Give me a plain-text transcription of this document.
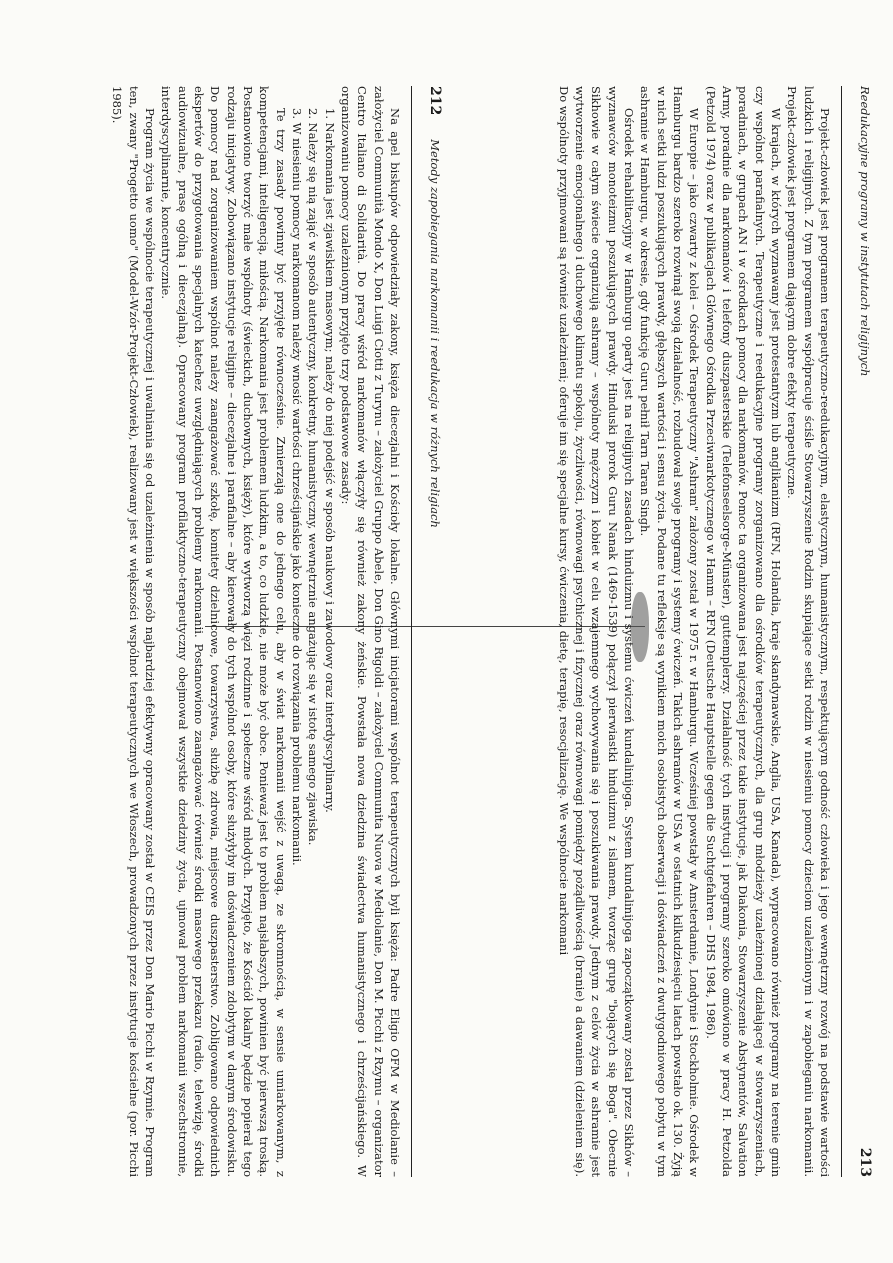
212
Metody zapobiegania narkomanii i reedukacja w różnych religiach

Na apel biskupów odpowiedziały zakony, księża diecezjalni i Kościoły lokalne. Głównymi inicjatorami wspólnot terapeutycznych byli księża: Padre Eligio OFM w Mediolanie – założyciel Communità Mondo X, Don Luigi Ciotti z Turynu – założyciel Gruppo Abele, Don Gino Rigoldi – założyciel Communita Nuova w Mediolanie, Don M. Picchi z Rzymu – organizator Centro Italiano di Solidarità. Do pracy wśród narkomanów włączyły się również zakony żeńskie. Powstała nowa dziedzina świadectwa humanistycznego i chrześcijańskiego. W organizowaniu pomocy uzależnionym przyjęto trzy podstawowe zasady:

1. Narkomania jest zjawiskiem masowym; należy do niej podejść w sposób naukowy i zawodowy oraz interdyscyplinarny.

2. Należy się nią zająć w sposób autentyczny, konkretny, humanistyczny, wewnętrznie angażując się w istotę samego zjawiska.

3. W niesieniu pomocy narkomanom należy wnosić wartości chrześcijańskie jako konieczne do rozwiązania problemu narkomanii.

Te trzy zasady powinny być przyjęte równocześnie. Zmierzają one do jednego celu, aby w świat narkomanii wejść z uwagą, ze skromnością, w sensie umiarkowanym, z kompetencjami, inteligencją, miłością. Narkomania jest problemem ludzkim, a to, co ludzkie, nie może być obce. Ponieważ jest to problem najsłabszych, powinien być pierwszą troską. Postanowiono tworzyć małe wspólnoty (świeckich, duchownych, księży), które wytworzą więzi rodzinne i społeczne wśród młodych. Przyjęto, że Kościół lokalny będzie popierał tego rodzaju inicjatywy. Zobowiązano instytucje religijne – diecezjalne i parafialne – aby kierowały do tych wspólnot osoby, które służyłyby im doświadczeniem zdobytym w danym środowisku. Do pomocy nad zorganizowaniem wspólnot należy zaangażować szkołę, komitety dzielnicowe, towarzystwa, służbę zdrowia, miejscowe duszpasterstwo. Zobligowano odpowiednich ekspertów do przygotowania specjalnych katechez uwzględniających problemy narkomanii. Postanowiono zaangażować również środki masowego przekazu (radio, telewizję, środki audiowizualne, prasę ogólną i diecezjalną). Opracowany program profilaktyczno-terapeutyczny obejmował wszystkie dziedziny życia, ujmował problem narkomanii wszechstronnie, interdyscyplinarnie, koncentrycznie.

Program życia we wspólnocie terapeutycznej i uwalniania się od uzależnienia w sposób najbardziej efektywny opracowany został w CEIS przez Don Mario Picchi w Rzymie. Program ten, zwany "Progetto uomo" (Model-Wzór-Projekt-Człowiek), realizowany jest w większości wspólnot terapeutycznych we Włoszech, prowadzonych przez instytucje kościelne (por. Picchi 1985).	Reedukacyjne programy w instytutach religijnych
213

Projekt-człowiek jest programem terapeutyczno-reedukacyjnym, elastycznym, humanistycznym, respektującym godność człowieka i jego wewnętrzny rozwój na podstawie wartości ludzkich i religijnych. Z tym programem współpracuje ściśle Stowarzyszenie Rodzin skupiające setki rodzin w niesieniu pomocy dzieciom uzależnionym i w zapobieganiu narkomanii. Projekt-człowiek jest programem dającym dobre efekty terapeutyczne.

W krajach, w których wyznawany jest protestantyzm lub anglikanizm (RFN, Holandia, kraje skandynawskie, Anglia, USA, Kanada), wypracowano również programy na terenie gmin czy wspólnot parafialnych. Terapeutyczne i reedukacyjne programy zorganizowano dla ośrodków terapeutycznych, dla grup młodzieży uzależnionej działającej w stowarzyszeniach, poradniach, w grupach AN i w ośrodkach pomocy dla narkomanów. Pomoc ta organizowana jest najczęściej przez takie instytucje, jak Diakonia, Stowarzyszenie Abstynentów, Salvation Army, poradnie dla narkomanów i telefony duszpasterskie (Telefonseelsorge-Münster), guttemplerzy. Działalność tych instytucji i programy szeroko omówiono w pracy H. Petzolda (Petzold 1974) oraz w publikacjach Głównego Ośrodka Przeciwnarkotycznego w Hamm – RFN (Deutsche Hauptstelle gegen die Suchtgefahren – DHS 1984, 1986).

W Europie – jako czwarty z kolei – Ośrodek Terapeutyczny "Ashram" założony został w 1975 r. w Hamburgu. Wcześniej powstały w Amsterdamie, Londynie i Stockholmie. Ośrodek w Hamburgu bardzo szeroko rozwinął swoją działalność, rozbudował swoje programy i systemy ćwiczeń. Takich ashramów w USA w ostatnich kilkudziesięciu latach powstało ok. 130. Żyją w nich setki ludzi poszukujących prawdy, głębszych wartości i sensu życia. Podane tu refleksje są wynikiem moich osobistych obserwacji i doświadczeń z dwutygodniowego pobytu w tym ashramie w Hamburgu, w okresie, gdy funkcję Guru pełnił Tarn Taran Singh.

Ośrodek rehabilitacyjny w Hamburgu oparty jest na religijnych zasadach hinduizmu i systemu ćwiczeń kundalinijoga. System kundalinijoga zapoczątkowany został przez Sikhów – wyznawców monoteizmu poszukujących prawdy. Hinduski prorok Guru Nanak (1469-1539) połączył pierwiastki hinduizmu z islamem, tworząc grupę "bojących się Boga". Obecnie Sikhowie w całym świecie organizują ashramy – wspólnoty mężczyzn i kobiet w celu wzajemnego wychowywania się i poszukiwania prawdy. Jednym z celów życia w ashramie jest wytworzenie emocjonalnego i duchowego klimatu spokoju, życzliwości, równowagi psychicznej i fizycznej oraz równowagi pomiędzy pożądliwością (branie) a dawaniem (dzieleniem się). Do wspólnoty przyjmowani są również uzależnieni; oferuje im się specjalne kursy, ćwiczenia, dietę, terapię, resocjalizację. We wspólnocie narkomani
